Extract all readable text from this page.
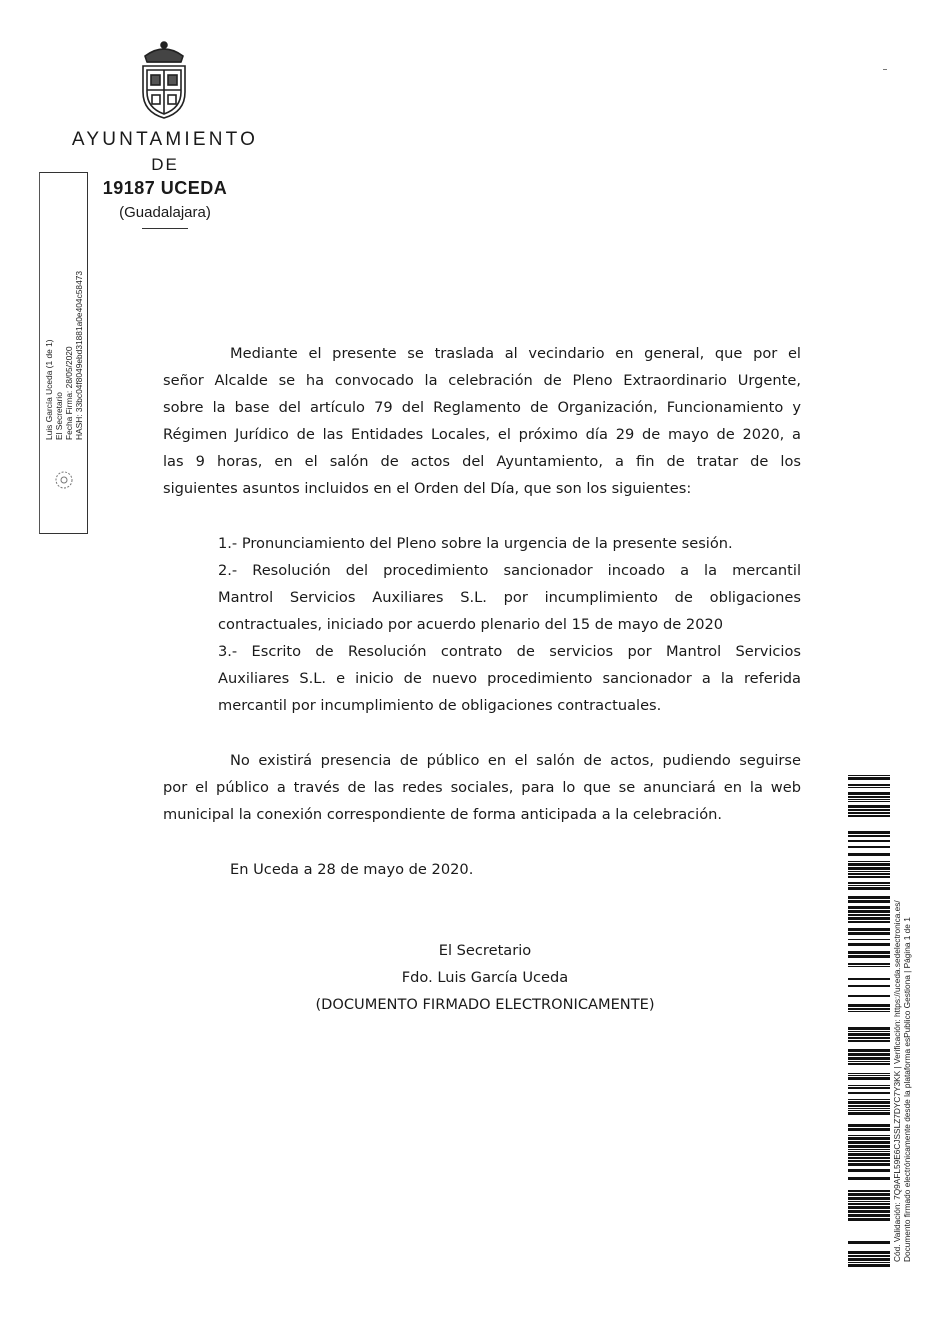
AYUNTAMIENTO
DE
19187 UCEDA
(Guadalajara)
Luis García Uceda (1 de 1) El Secretario Fecha Firma: 28/05/2020 HASH: 33bc04f8049ebd31881a0e404c58473	Mediante el presente se traslada al vecindario en general, que por el
señor Alcalde se ha convocado la celebración de Pleno Extraordinario Urgente,
sobre la base del artículo 79 del Reglamento de Organización, Funcionamiento y
Régimen Jurídico de las Entidades Locales, el próximo día 29 de mayo de 2020, a
las 9 horas, en el salón de actos del Ayuntamiento, a fin de tratar de los
siguientes asuntos incluidos en el Orden del Día, que son los siguientes:
1.- Pronunciamiento del Pleno sobre la urgencia de la presente sesión.
2.- Resolución del procedimiento sancionador incoado a la mercantil
Mantrol Servicios Auxiliares S.L. por incumplimiento de obligaciones
contractuales, iniciado por acuerdo plenario del 15 de mayo de 2020
3.- Escrito de Resolución contrato de servicios por Mantrol Servicios
Auxiliares S.L. e inicio de nuevo procedimiento sancionador a la referida
mercantil por incumplimiento de obligaciones contractuales.
No existirá presencia de público en el salón de actos, pudiendo seguirse
por el público a través de las redes sociales, para lo que se anunciará en la web
municipal la conexión correspondiente de forma anticipada a la celebración.
En Uceda a 28 de mayo de 2020.
El Secretario
Fdo. Luis García Uceda
(DOCUMENTO FIRMADO ELECTRONICAMENTE)	Cód. Validación: 7Q9AFL59E6CJSSLZ7DYC7Y3KK | Verificación: https://uceda.sedelectronica.es/ Documento firmado electrónicamente desde la plataforma esPublico Gestiona | Página 1 de 1
